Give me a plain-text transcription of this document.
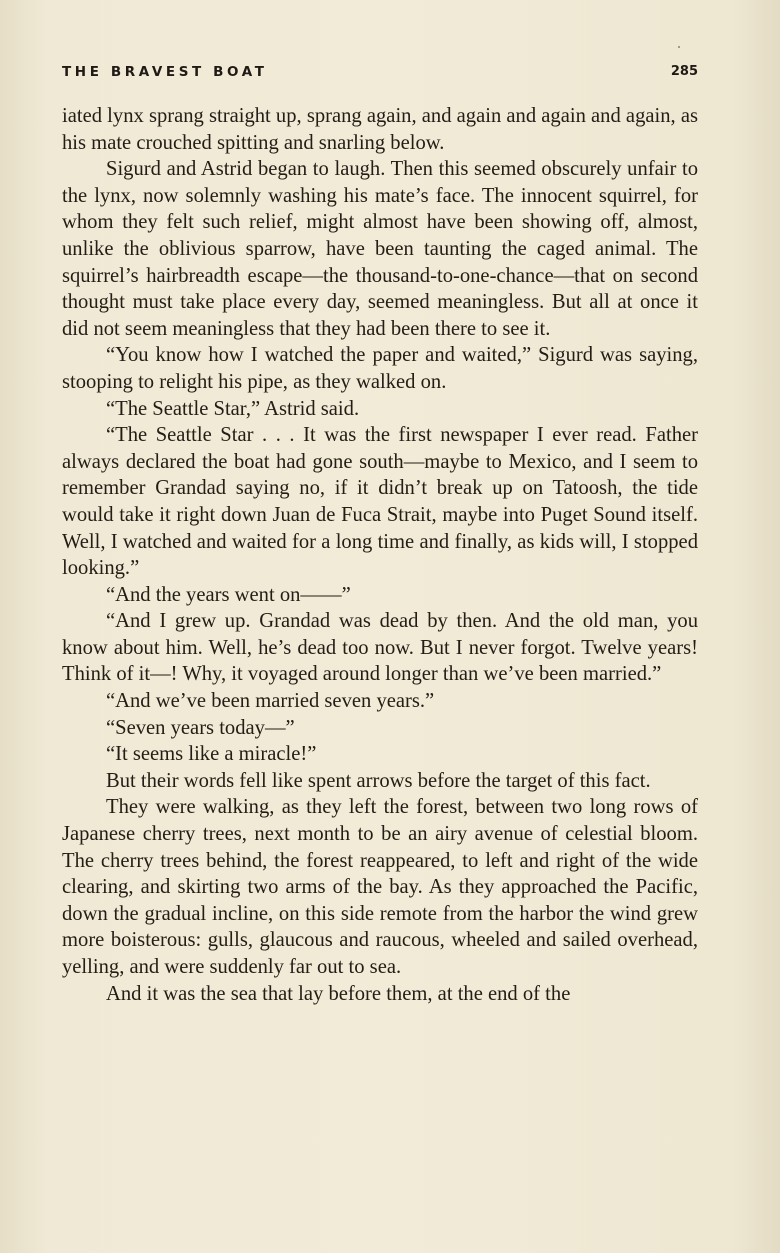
THE BRAVEST BOAT	285

iated lynx sprang straight up, sprang again, and again and again and again, as his mate crouched spitting and snarling below.

Sigurd and Astrid began to laugh. Then this seemed obscurely unfair to the lynx, now solemnly washing his mate’s face. The innocent squirrel, for whom they felt such relief, might almost have been showing off, almost, unlike the oblivious sparrow, have been taunting the caged animal. The squirrel’s hairbreadth escape—the thousand-to-one-chance—that on second thought must take place every day, seemed meaningless. But all at once it did not seem meaningless that they had been there to see it.

“You know how I watched the paper and waited,” Sigurd was saying, stooping to relight his pipe, as they walked on.

“The Seattle Star,” Astrid said.

“The Seattle Star . . . It was the first newspaper I ever read. Father always declared the boat had gone south—maybe to Mexico, and I seem to remember Grandad saying no, if it didn’t break up on Tatoosh, the tide would take it right down Juan de Fuca Strait, maybe into Puget Sound itself. Well, I watched and waited for a long time and finally, as kids will, I stopped looking.”

“And the years went on——”

“And I grew up. Grandad was dead by then. And the old man, you know about him. Well, he’s dead too now. But I never forgot. Twelve years! Think of it—! Why, it voyaged around longer than we’ve been married.”

“And we’ve been married seven years.”

“Seven years today—”

“It seems like a miracle!”

But their words fell like spent arrows before the target of this fact.

They were walking, as they left the forest, between two long rows of Japanese cherry trees, next month to be an airy avenue of celestial bloom. The cherry trees behind, the forest reappeared, to left and right of the wide clearing, and skirting two arms of the bay. As they approached the Pacific, down the gradual incline, on this side remote from the harbor the wind grew more boisterous: gulls, glaucous and raucous, wheeled and sailed overhead, yelling, and were suddenly far out to sea.

And it was the sea that lay before them, at the end of the
